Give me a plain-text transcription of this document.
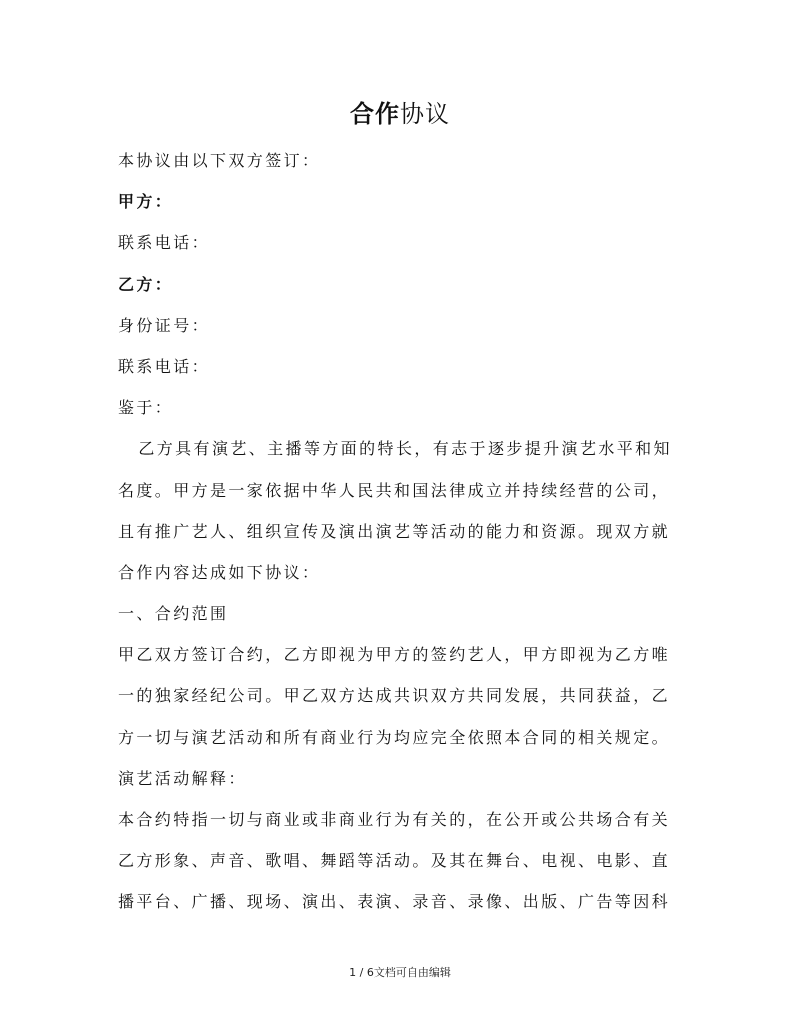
合作协议
本协议由以下双方签订：
甲方：
联系电话：
乙方：
身份证号：
联系电话：
鉴于：
乙方具有演艺、主播等方面的特长，有志于逐步提升演艺水平和知
名度。甲方是一家依据中华人民共和国法律成立并持续经营的公司，
且有推广艺人、组织宣传及演出演艺等活动的能力和资源。现双方就
合作内容达成如下协议：
一、合约范围
甲乙双方签订合约，乙方即视为甲方的签约艺人，甲方即视为乙方唯
一的独家经纪公司。甲乙双方达成共识双方共同发展，共同获益，乙
方一切与演艺活动和所有商业行为均应完全依照本合同的相关规定。
演艺活动解释：
本合约特指一切与商业或非商业行为有关的，在公开或公共场合有关
乙方形象、声音、歌唱、舞蹈等活动。及其在舞台、电视、电影、直
播平台、广播、现场、演出、表演、录音、录像、出版、广告等因科
1 / 6文档可自由编辑
